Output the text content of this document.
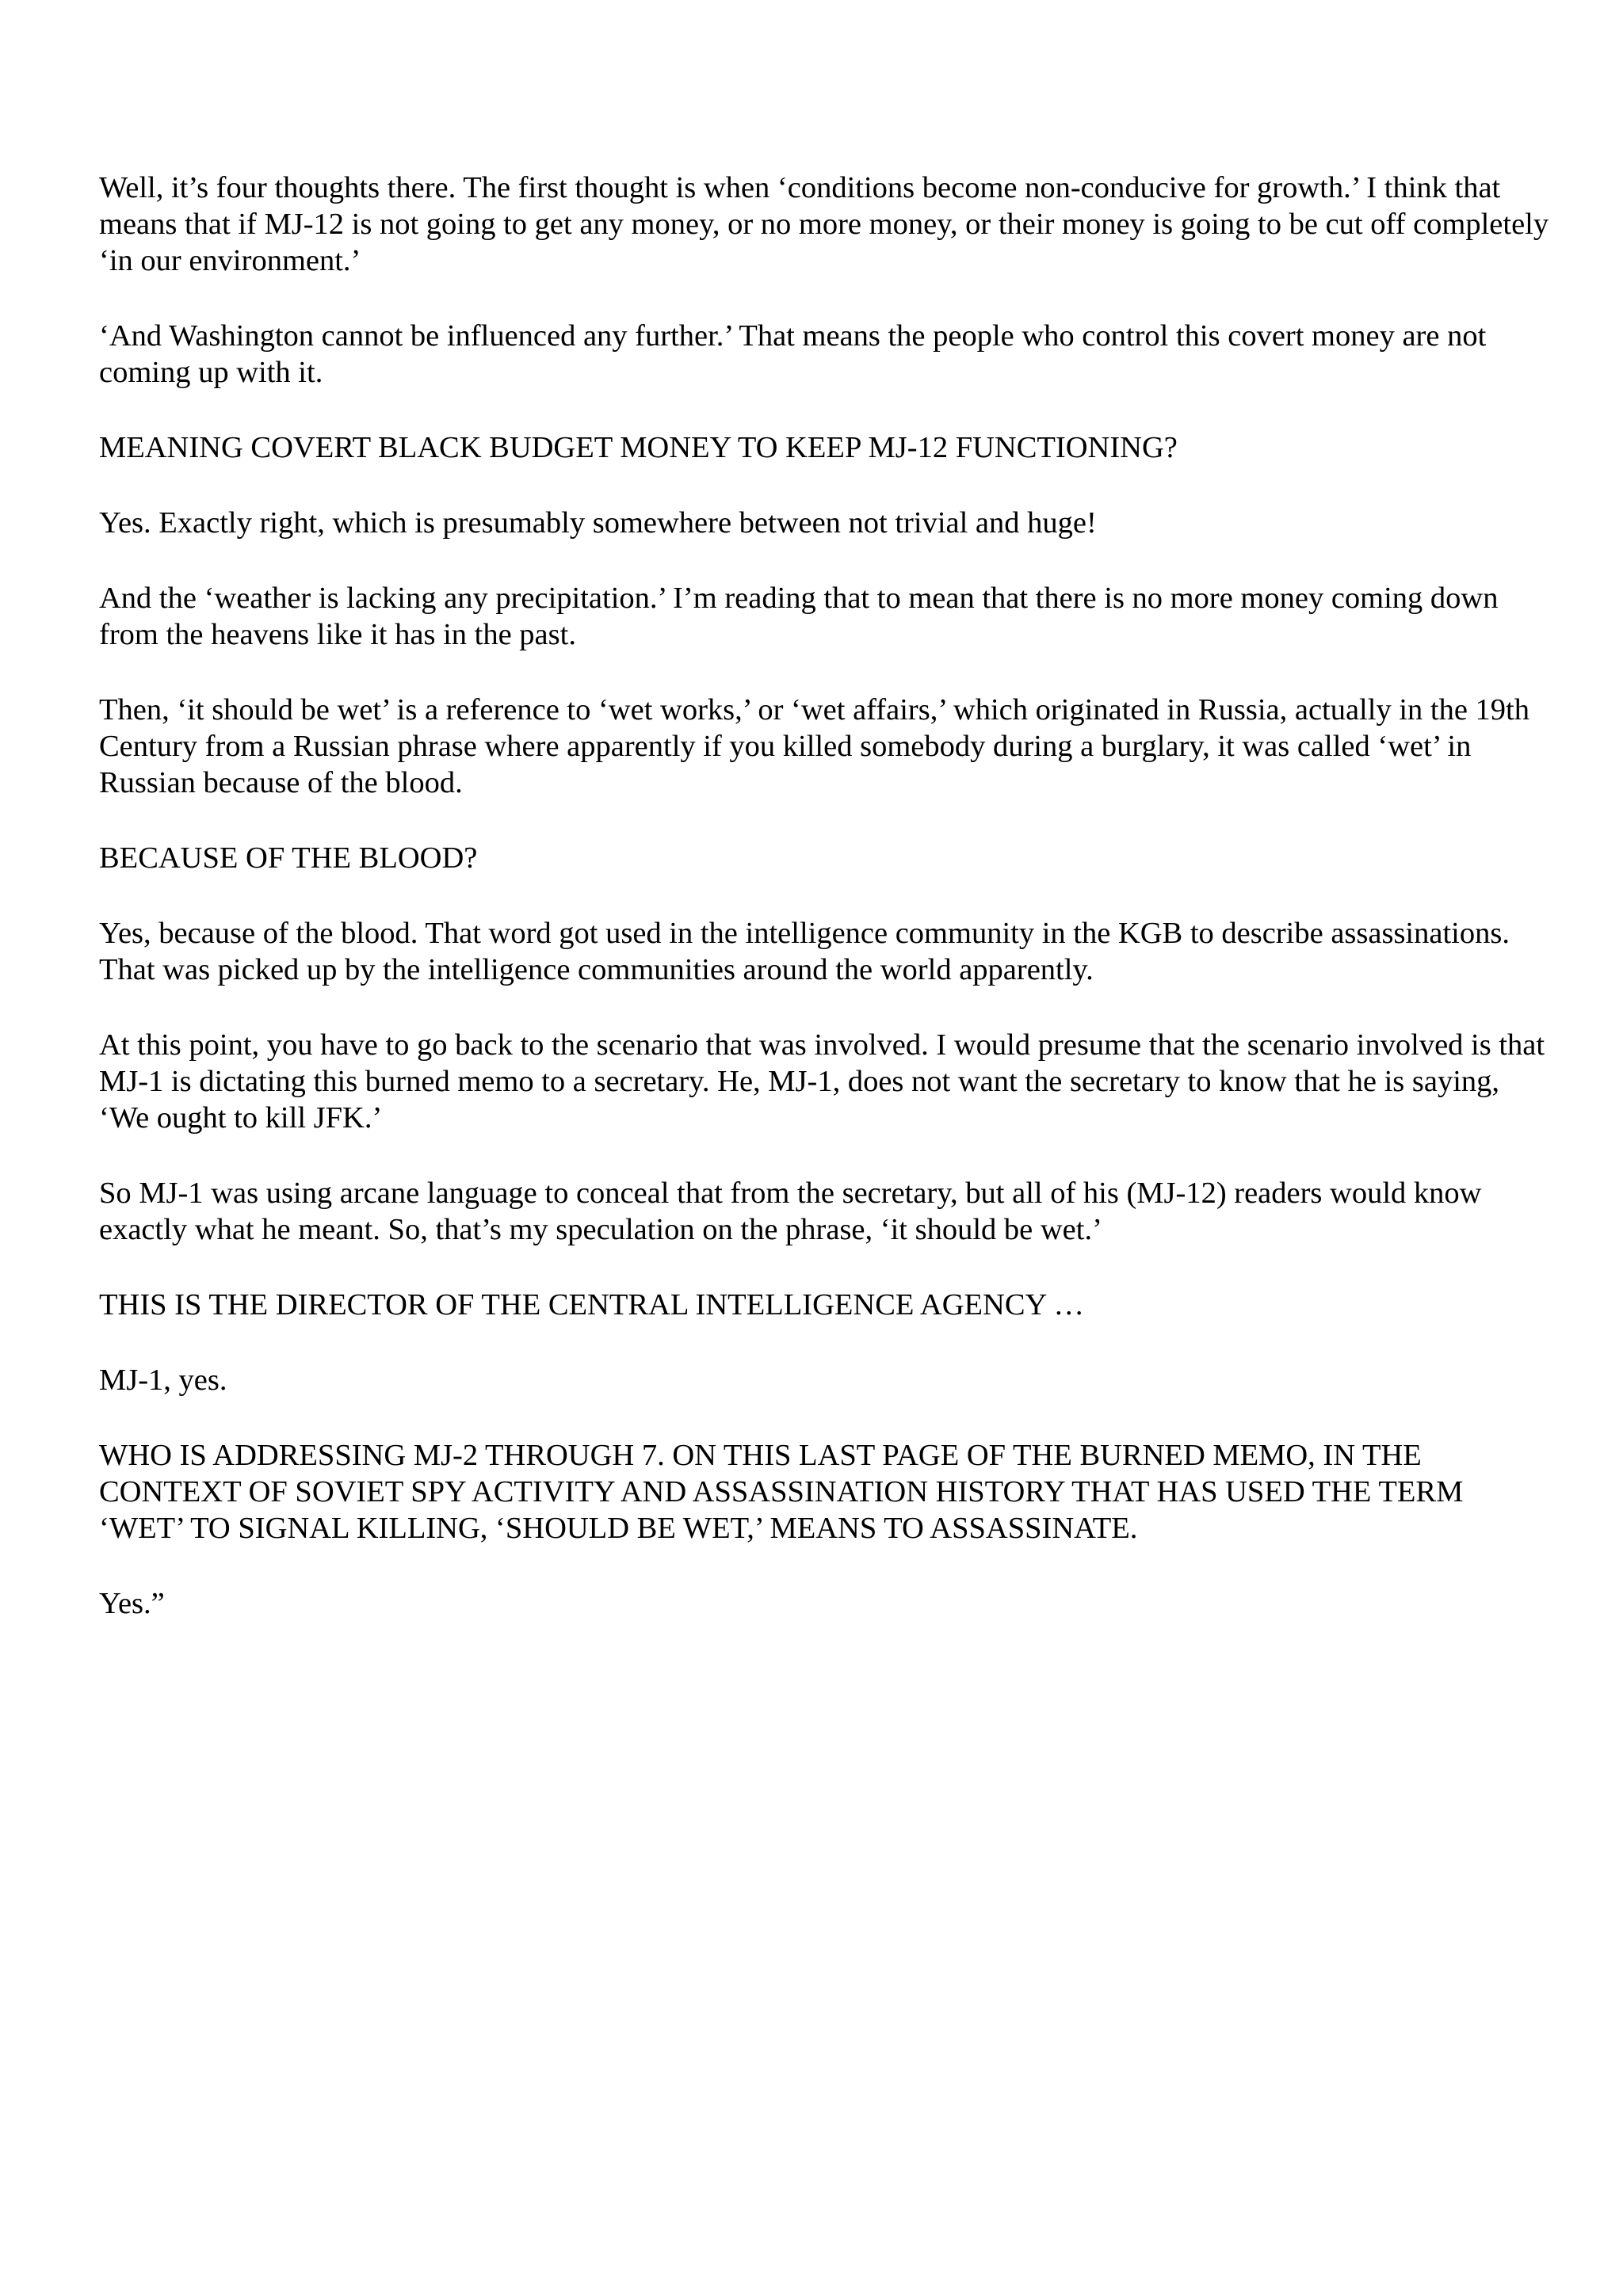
Well, it’s four thoughts there. The first thought is when ‘conditions become non-conducive for growth.’ I think that means that if MJ-12 is not going to get any money, or no more money, or their money is going to be cut off completely ‘in our environment.’

‘And Washington cannot be influenced any further.’ That means the people who control this covert money are not coming up with it.

MEANING COVERT BLACK BUDGET MONEY TO KEEP MJ-12 FUNCTIONING?

Yes. Exactly right, which is presumably somewhere between not trivial and huge!

And the ‘weather is lacking any precipitation.’ I’m reading that to mean that there is no more money coming down from the heavens like it has in the past.

Then, ‘it should be wet’ is a reference to ‘wet works,’ or ‘wet affairs,’ which originated in Russia, actually in the 19th Century from a Russian phrase where apparently if you killed somebody during a burglary, it was called ‘wet’ in Russian because of the blood.

BECAUSE OF THE BLOOD?

Yes, because of the blood. That word got used in the intelligence community in the KGB to describe assassinations. That was picked up by the intelligence communities around the world apparently.

At this point, you have to go back to the scenario that was involved. I would presume that the scenario involved is that MJ-1 is dictating this burned memo to a secretary. He, MJ-1, does not want the secretary to know that he is saying, ‘We ought to kill JFK.’

So MJ-1 was using arcane language to conceal that from the secretary, but all of his (MJ-12) readers would know exactly what he meant. So, that’s my speculation on the phrase, ‘it should be wet.’

THIS IS THE DIRECTOR OF THE CENTRAL INTELLIGENCE AGENCY …

MJ-1, yes.

WHO IS ADDRESSING MJ-2 THROUGH 7. ON THIS LAST PAGE OF THE BURNED MEMO, IN THE CONTEXT OF SOVIET SPY ACTIVITY AND ASSASSINATION HISTORY THAT HAS USED THE TERM ‘WET’ TO SIGNAL KILLING, ‘SHOULD BE WET,’ MEANS TO ASSASSINATE.

Yes.”
